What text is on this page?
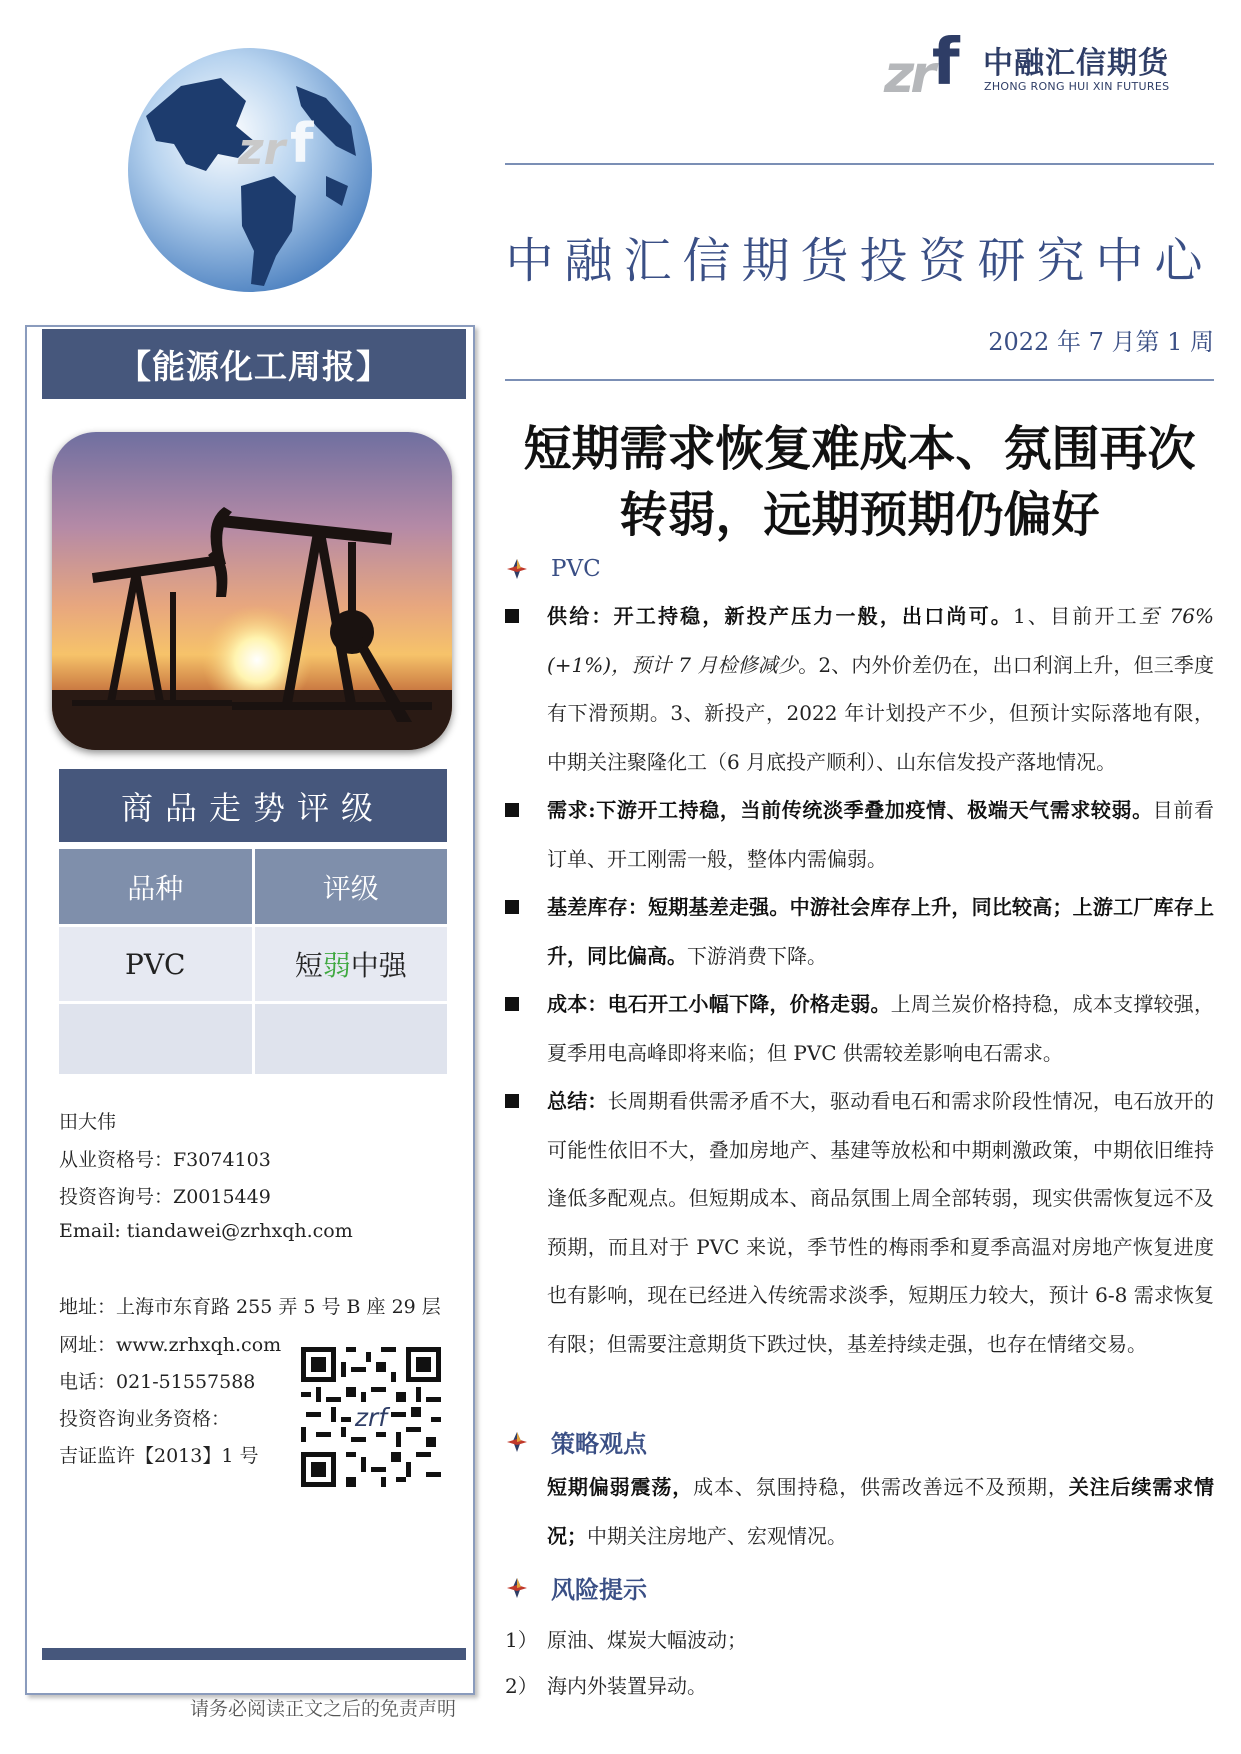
zr f
zrf 中融汇信期货
ZHONG RONG HUI XIN FUTURES
中融汇信期货投资研究中心
2022 年 7 月第 1 周
【能源化工周报】
商品走势评级
品种	评级
PVC	短 弱 中强
田大伟
从业资格号：F3074103
投资咨询号：Z0015449
Email: tiandawei@zrhxqh.com
地址：上海市东育路 255 弄 5 号 B 座 29 层
网址：www.zrhxqh.com
电话：021-51557588
投资咨询业务资格：
吉证监许【2013】1 号
zrf
请务必阅读正文之后的免责声明
短期需求恢复难成本、氛围再次转弱，远期预期仍偏好
PVC
供给：开工持稳，新投产压力一般，出口尚可。1、目前开工至 76%(+1%)，预计 7 月检修减少。2、内外价差仍在，出口利润上升，但三季度有下滑预期。3、新投产，2022 年计划投产不少，但预计实际落地有限，中期关注聚隆化工（6 月底投产顺利）、山东信发投产落地情况。
需求:下游开工持稳，当前传统淡季叠加疫情、极端天气需求较弱。目前看订单、开工刚需一般，整体内需偏弱。
基差库存：短期基差走强。中游社会库存上升，同比较高；上游工厂库存上升，同比偏高。下游消费下降。
成本：电石开工小幅下降，价格走弱。上周兰炭价格持稳，成本支撑较强，夏季用电高峰即将来临；但 PVC 供需较差影响电石需求。
总结：长周期看供需矛盾不大，驱动看电石和需求阶段性情况，电石放开的可能性依旧不大，叠加房地产、基建等放松和中期刺激政策，中期依旧维持逢低多配观点。但短期成本、商品氛围上周全部转弱，现实供需恢复远不及预期，而且对于 PVC 来说，季节性的梅雨季和夏季高温对房地产恢复进度也有影响，现在已经进入传统需求淡季，短期压力较大，预计 6-8 需求恢复有限；但需要注意期货下跌过快，基差持续走强，也存在情绪交易。
策略观点
短期偏弱震荡，成本、氛围持稳，供需改善远不及预期，关注后续需求情况；中期关注房地产、宏观情况。
风险提示
1） 原油、煤炭大幅波动；
2） 海内外装置异动。
